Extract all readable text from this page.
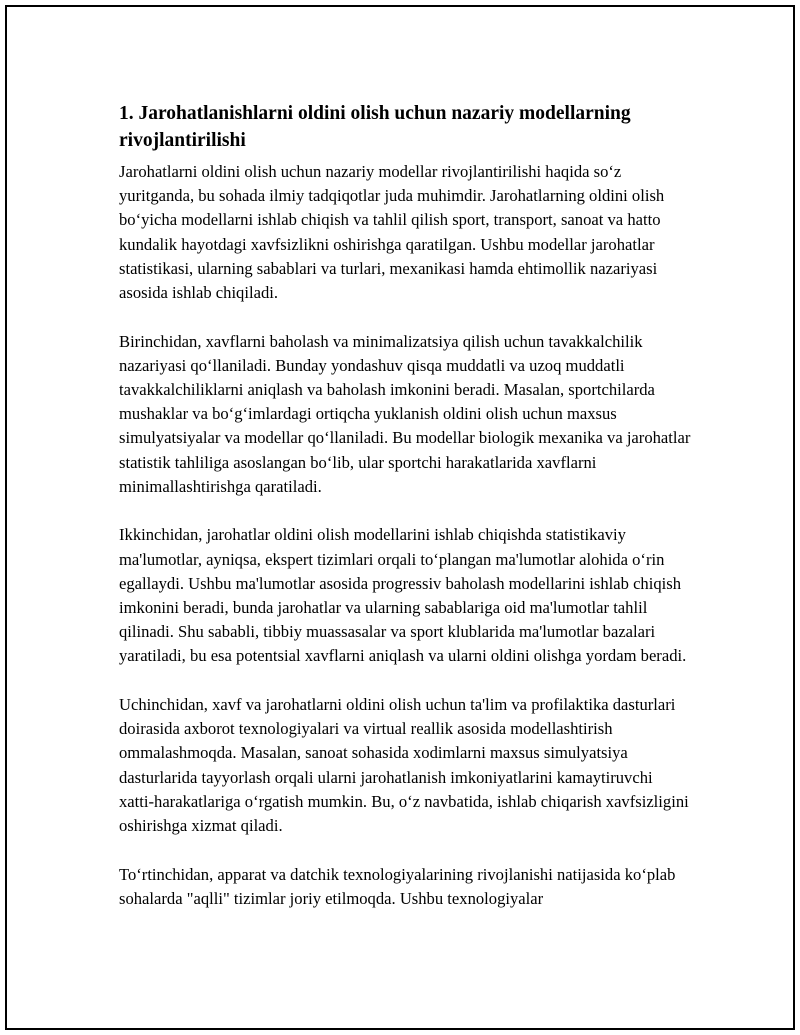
1. Jarohatlanishlarni oldini olish uchun nazariy modellarning rivojlantirilishi

Jarohatlarni oldini olish uchun nazariy modellar rivojlantirilishi haqida so‘z yuritganda, bu sohada ilmiy tadqiqotlar juda muhimdir. Jarohatlarning oldini olish bo‘yicha modellarni ishlab chiqish va tahlil qilish sport, transport, sanoat va hatto kundalik hayotdagi xavfsizlikni oshirishga qaratilgan. Ushbu modellar jarohatlar statistikasi, ularning sabablari va turlari, mexanikasi hamda ehtimollik nazariyasi asosida ishlab chiqiladi.

Birinchidan, xavflarni baholash va minimalizatsiya qilish uchun tavakkalchilik nazariyasi qo‘llaniladi. Bunday yondashuv qisqa muddatli va uzoq muddatli tavakkalchiliklarni aniqlash va baholash imkonini beradi. Masalan, sportchilarda mushaklar va bo‘g‘imlardagi ortiqcha yuklanish oldini olish uchun maxsus simulyatsiyalar va modellar qo‘llaniladi. Bu modellar biologik mexanika va jarohatlar statistik tahliliga asoslangan bo‘lib, ular sportchi harakatlarida xavflarni minimallashtirishga qaratiladi.

Ikkinchidan, jarohatlar oldini olish modellarini ishlab chiqishda statistikaviy ma'lumotlar, ayniqsa, ekspert tizimlari orqali to‘plangan ma'lumotlar alohida o‘rin egallaydi. Ushbu ma'lumotlar asosida progressiv baholash modellarini ishlab chiqish imkonini beradi, bunda jarohatlar va ularning sabablariga oid ma'lumotlar tahlil qilinadi. Shu sababli, tibbiy muassasalar va sport klublarida ma'lumotlar bazalari yaratiladi, bu esa potentsial xavflarni aniqlash va ularni oldini olishga yordam beradi.

Uchinchidan, xavf va jarohatlarni oldini olish uchun ta'lim va profilaktika dasturlari doirasida axborot texnologiyalari va virtual reallik asosida modellashtirish ommalashmoqda. Masalan, sanoat sohasida xodimlarni maxsus simulyatsiya dasturlarida tayyorlash orqali ularni jarohatlanish imkoniyatlarini kamaytiruvchi xatti-harakatlariga o‘rgatish mumkin. Bu, o‘z navbatida, ishlab chiqarish xavfsizligini oshirishga xizmat qiladi.

To‘rtinchidan, apparat va datchik texnologiyalarining rivojlanishi natijasida ko‘plab sohalarda "aqlli" tizimlar joriy etilmoqda. Ushbu texnologiyalar
